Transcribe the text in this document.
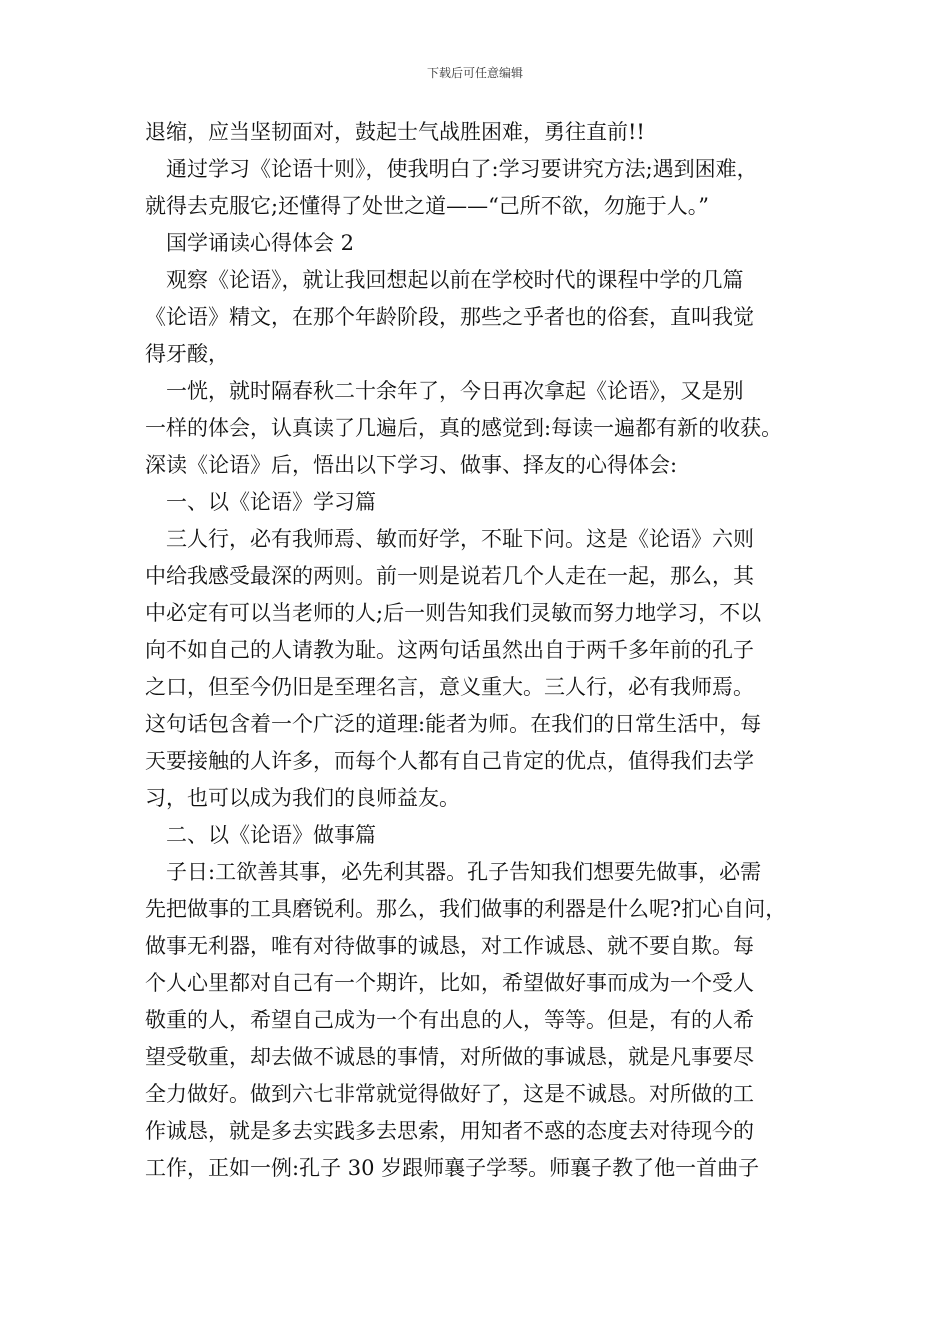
下载后可任意编辑
退缩，应当坚韧面对，鼓起士气战胜困难，勇往直前!!
通过学习《论语十则》，使我明白了:学习要讲究方法;遇到困难，
就得去克服它;还懂得了处世之道——“己所不欲，勿施于人。”
国学诵读心得体会 2
观察《论语》，就让我回想起以前在学校时代的课程中学的几篇
《论语》精文，在那个年龄阶段，那些之乎者也的俗套，直叫我觉
得牙酸，
一恍，就时隔春秋二十余年了，今日再次拿起《论语》，又是别
一样的体会，认真读了几遍后，真的感觉到:每读一遍都有新的收获。
深读《论语》后，悟出以下学习、做事、择友的心得体会:
一、以《论语》学习篇
三人行，必有我师焉、敏而好学，不耻下问。这是《论语》六则
中给我感受最深的两则。前一则是说若几个人走在一起，那么，其
中必定有可以当老师的人;后一则告知我们灵敏而努力地学习，不以
向不如自己的人请教为耻。这两句话虽然出自于两千多年前的孔子
之口，但至今仍旧是至理名言，意义重大。三人行，必有我师焉。
这句话包含着一个广泛的道理:能者为师。在我们的日常生活中，每
天要接触的人许多，而每个人都有自己肯定的优点，值得我们去学
习，也可以成为我们的良师益友。
二、以《论语》做事篇
子日:工欲善其事，必先利其器。孔子告知我们想要先做事，必需
先把做事的工具磨锐利。那么，我们做事的利器是什么呢?扪心自问，
做事无利器，唯有对待做事的诚恳，对工作诚恳、就不要自欺。每
个人心里都对自己有一个期许，比如，希望做好事而成为一个受人
敬重的人，希望自己成为一个有出息的人，等等。但是，有的人希
望受敬重，却去做不诚恳的事情，对所做的事诚恳，就是凡事要尽
全力做好。做到六七非常就觉得做好了，这是不诚恳。对所做的工
作诚恳，就是多去实践多去思索，用知者不惑的态度去对待现今的
工作，正如一例:孔子 30 岁跟师襄子学琴。师襄子教了他一首曲子
